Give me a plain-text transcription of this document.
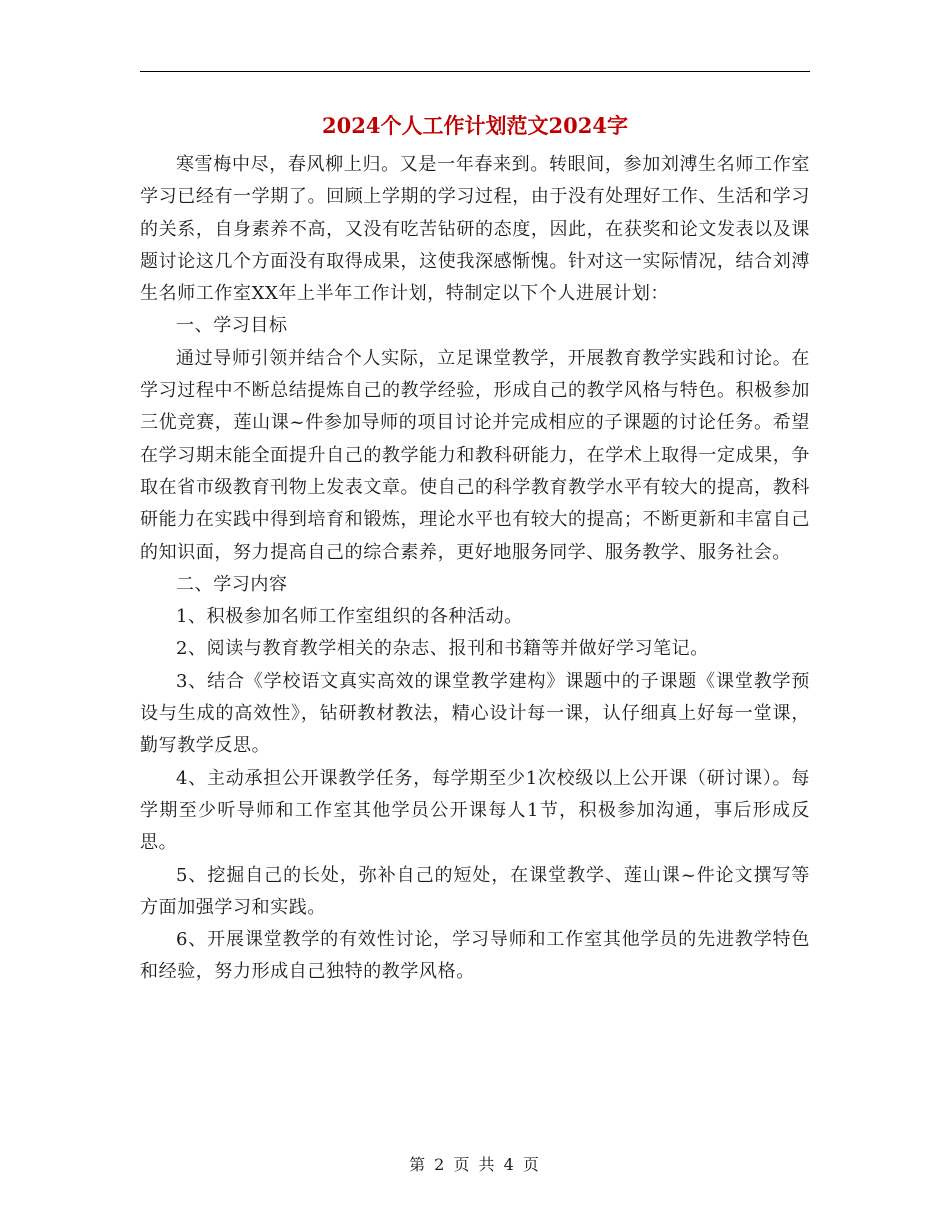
2024个人工作计划范文2024字

寒雪梅中尽，春风柳上归。又是一年春来到。转眼间，参加刘溥生名师工作室学习已经有一学期了。回顾上学期的学习过程，由于没有处理好工作、生活和学习的关系，自身素养不高，又没有吃苦钻研的态度，因此，在获奖和论文发表以及课题讨论这几个方面没有取得成果，这使我深感惭愧。针对这一实际情况，结合刘溥生名师工作室XX年上半年工作计划，特制定以下个人进展计划：

一、学习目标

通过导师引领并结合个人实际，立足课堂教学，开展教育教学实践和讨论。在学习过程中不断总结提炼自己的教学经验，形成自己的教学风格与特色。积极参加三优竞赛，莲山课~件参加导师的项目讨论并完成相应的子课题的讨论任务。希望在学习期末能全面提升自己的教学能力和教科研能力，在学术上取得一定成果，争取在省市级教育刊物上发表文章。使自己的科学教育教学水平有较大的提高，教科研能力在实践中得到培育和锻炼，理论水平也有较大的提高；不断更新和丰富自己的知识面，努力提高自己的综合素养，更好地服务同学、服务教学、服务社会。

二、学习内容

1、积极参加名师工作室组织的各种活动。

2、阅读与教育教学相关的杂志、报刊和书籍等并做好学习笔记。

3、结合《学校语文真实高效的课堂教学建构》课题中的子课题《课堂教学预设与生成的高效性》，钻研教材教法，精心设计每一课，认仔细真上好每一堂课，勤写教学反思。

4、主动承担公开课教学任务，每学期至少1次校级以上公开课（研讨课）。每学期至少听导师和工作室其他学员公开课每人1节，积极参加沟通，事后形成反思。

5、挖掘自己的长处，弥补自己的短处，在课堂教学、莲山课~件论文撰写等方面加强学习和实践。

6、开展课堂教学的有效性讨论，学习导师和工作室其他学员的先进教学特色和经验，努力形成自己独特的教学风格。

第 2 页 共 4 页
